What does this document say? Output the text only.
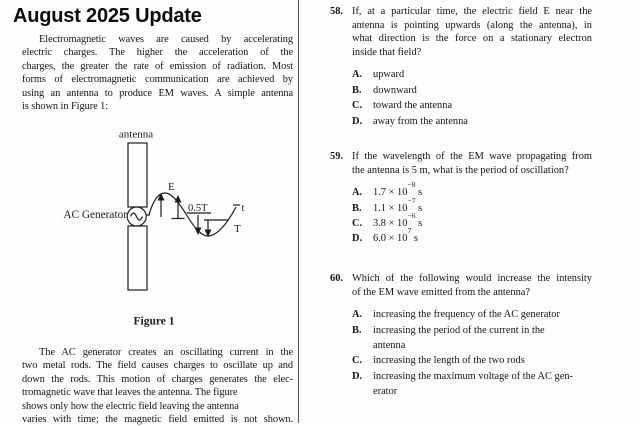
August 2025 Update
Electromagnetic waves are caused by accelerating
electric charges. The higher the acceleration of the
charges, the greater the rate of emission of radiation. Most
forms of electromagnetic communication are achieved by
using an antenna to produce EM waves. A simple antenna
is shown in Figure 1:
antenna
AC Generator
E
0.5T
T
t
Figure 1
The AC generator creates an oscillating current in the
two metal rods. The field causes charges to oscillate up and
down the rods. This motion of charges generates the elec-
tromagnetic wave that leaves the antenna. The figure
shows only how the electric field leaving the antenna
varies with time; the magnetic field emitted is not shown.
58. If, at a particular time, the electric field E near the
antenna is pointing upwards (along the antenna), in
what direction is the force on a stationary electron
inside that field?
A.	upward
B.	downward
C.	toward the antenna
D.	away from the antenna
59. If the wavelength of the EM wave propagating from
the antenna is 5 m, what is the period of oscillation?
A.	$1.7 \times 10^{-8}$ s
B.	$1.1 \times 10^{-7}$ s
C.	$3.8 \times 10^{-6}$ s
D.	$6.0 \times 10^7$ s
60. Which of the following would increase the intensity
of the EM wave emitted from the antenna?
A.	increasing the frequency of the AC generator
B.	increasing the period of the current in the
antenna
C.	increasing the length of the two rods
D.	increasing the maximum voltage of the AC gen-
erator
